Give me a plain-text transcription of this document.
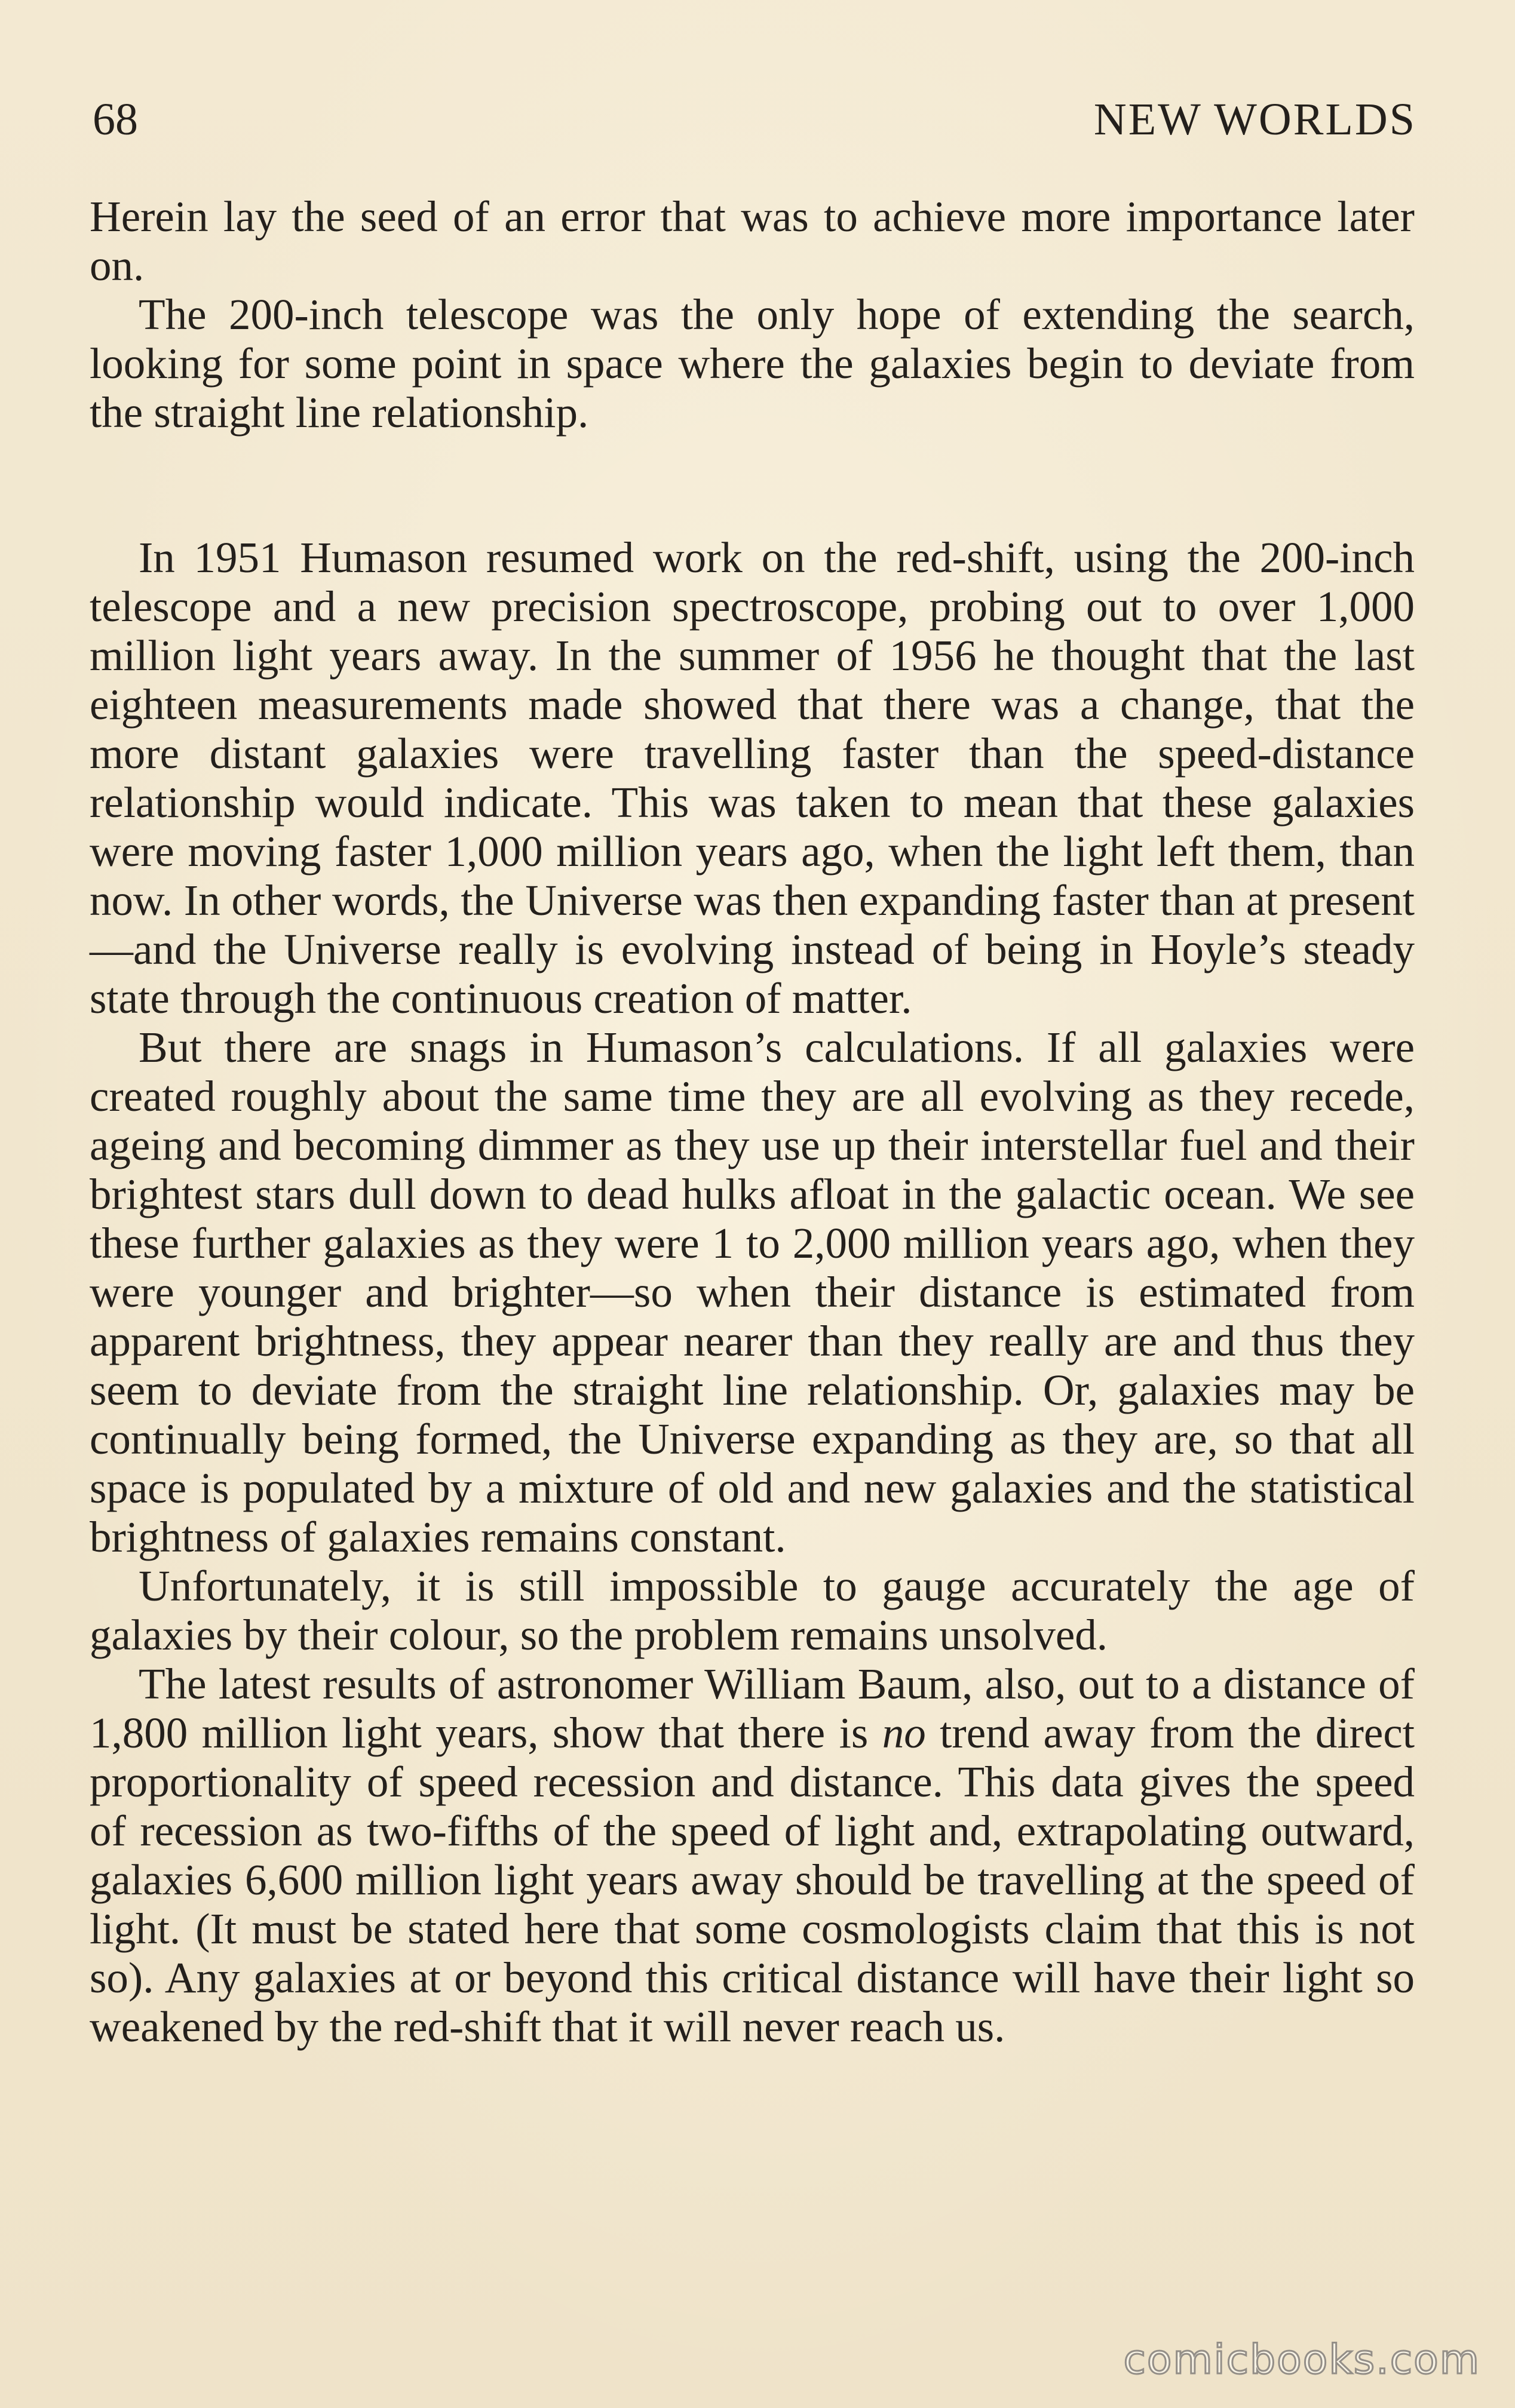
68	NEW WORLDS

Herein lay the seed of an error that was to achieve more importance later on.

The 200-inch telescope was the only hope of extending the search, looking for some point in space where the galaxies begin to deviate from the straight line relationship.

In 1951 Humason resumed work on the red-shift, using the 200-inch telescope and a new precision spectroscope, probing out to over 1,000 million light years away. In the summer of 1956 he thought that the last eighteen measurements made showed that there was a change, that the more distant galaxies were travelling faster than the speed-distance relationship would indicate. This was taken to mean that these galaxies were moving faster 1,000 million years ago, when the light left them, than now. In other words, the Universe was then expanding faster than at present—and the Universe really is evolving instead of being in Hoyle’s steady state through the continuous creation of matter.

But there are snags in Humason’s calculations. If all galaxies were created roughly about the same time they are all evolving as they recede, ageing and becoming dimmer as they use up their interstellar fuel and their brightest stars dull down to dead hulks afloat in the galactic ocean. We see these further galaxies as they were 1 to 2,000 million years ago, when they were younger and brighter—so when their distance is estimated from apparent brightness, they appear nearer than they really are and thus they seem to deviate from the straight line relationship. Or, galaxies may be continually being formed, the Universe expanding as they are, so that all space is populated by a mixture of old and new galaxies and the statistical brightness of galaxies remains constant.

Unfortunately, it is still impossible to gauge accurately the age of galaxies by their colour, so the problem remains unsolved.

The latest results of astronomer William Baum, also, out to a distance of 1,800 million light years, show that there is no trend away from the direct proportionality of speed recession and distance. This data gives the speed of recession as two-fifths of the speed of light and, extrapolating outward, galaxies 6,600 million light years away should be travelling at the speed of light. (It must be stated here that some cosmologists claim that this is not so). Any galaxies at or beyond this critical distance will have their light so weakened by the red-shift that it will never reach us.

comicbooks.com
